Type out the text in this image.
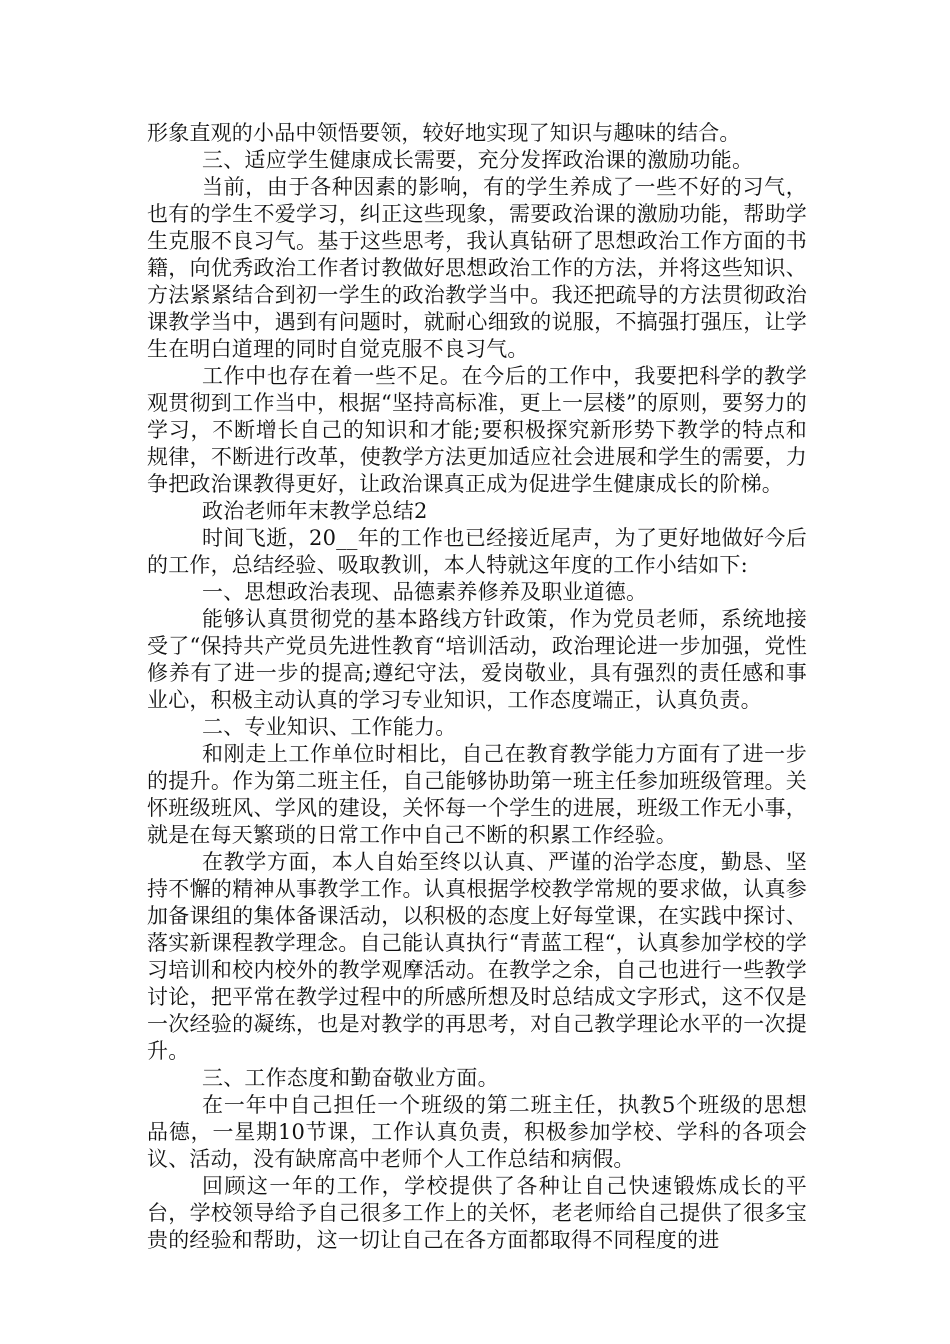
形象直观的小品中领悟要领，较好地实现了知识与趣味的结合。

三、适应学生健康成长需要，充分发挥政治课的激励功能。

当前，由于各种因素的影响，有的学生养成了一些不好的习气，也有的学生不爱学习，纠正这些现象，需要政治课的激励功能，帮助学生克服不良习气。基于这些思考，我认真钻研了思想政治工作方面的书籍，向优秀政治工作者讨教做好思想政治工作的方法，并将这些知识、方法紧紧结合到初一学生的政治教学当中。我还把疏导的方法贯彻政治课教学当中，遇到有问题时，就耐心细致的说服，不搞强打强压，让学生在明白道理的同时自觉克服不良习气。

工作中也存在着一些不足。在今后的工作中，我要把科学的教学观贯彻到工作当中，根据“坚持高标准，更上一层楼”的原则，要努力的学习，不断增长自己的知识和才能;要积极探究新形势下教学的特点和规律，不断进行改革，使教学方法更加适应社会进展和学生的需要，力争把政治课教得更好，让政治课真正成为促进学生健康成长的阶梯。

政治老师年末教学总结2

时间飞逝，20__年的工作也已经接近尾声，为了更好地做好今后的工作，总结经验、吸取教训，本人特就这年度的工作小结如下:

一、思想政治表现、品德素养修养及职业道德。

能够认真贯彻党的基本路线方针政策，作为党员老师，系统地接受了“保持共产党员先进性教育“培训活动，政治理论进一步加强，党性修养有了进一步的提高;遵纪守法，爱岗敬业，具有强烈的责任感和事业心，积极主动认真的学习专业知识，工作态度端正，认真负责。

二、专业知识、工作能力。

和刚走上工作单位时相比，自己在教育教学能力方面有了进一步的提升。作为第二班主任，自己能够协助第一班主任参加班级管理。关怀班级班风、学风的建设，关怀每一个学生的进展，班级工作无小事，就是在每天繁琐的日常工作中自己不断的积累工作经验。

在教学方面，本人自始至终以认真、严谨的治学态度，勤恳、坚持不懈的精神从事教学工作。认真根据学校教学常规的要求做，认真参加备课组的集体备课活动，以积极的态度上好每堂课，在实践中探讨、落实新课程教学理念。自己能认真执行“青蓝工程“，认真参加学校的学习培训和校内校外的教学观摩活动。在教学之余，自己也进行一些教学讨论，把平常在教学过程中的所感所想及时总结成文字形式，这不仅是一次经验的凝练，也是对教学的再思考，对自己教学理论水平的一次提升。

三、工作态度和勤奋敬业方面。

在一年中自己担任一个班级的第二班主任，执教5个班级的思想品德，一星期10节课，工作认真负责，积极参加学校、学科的各项会议、活动，没有缺席高中老师个人工作总结和病假。

回顾这一年的工作，学校提供了各种让自己快速锻炼成长的平台，学校领导给予自己很多工作上的关怀，老老师给自己提供了很多宝贵的经验和帮助，这一切让自己在各方面都取得不同程度的进
